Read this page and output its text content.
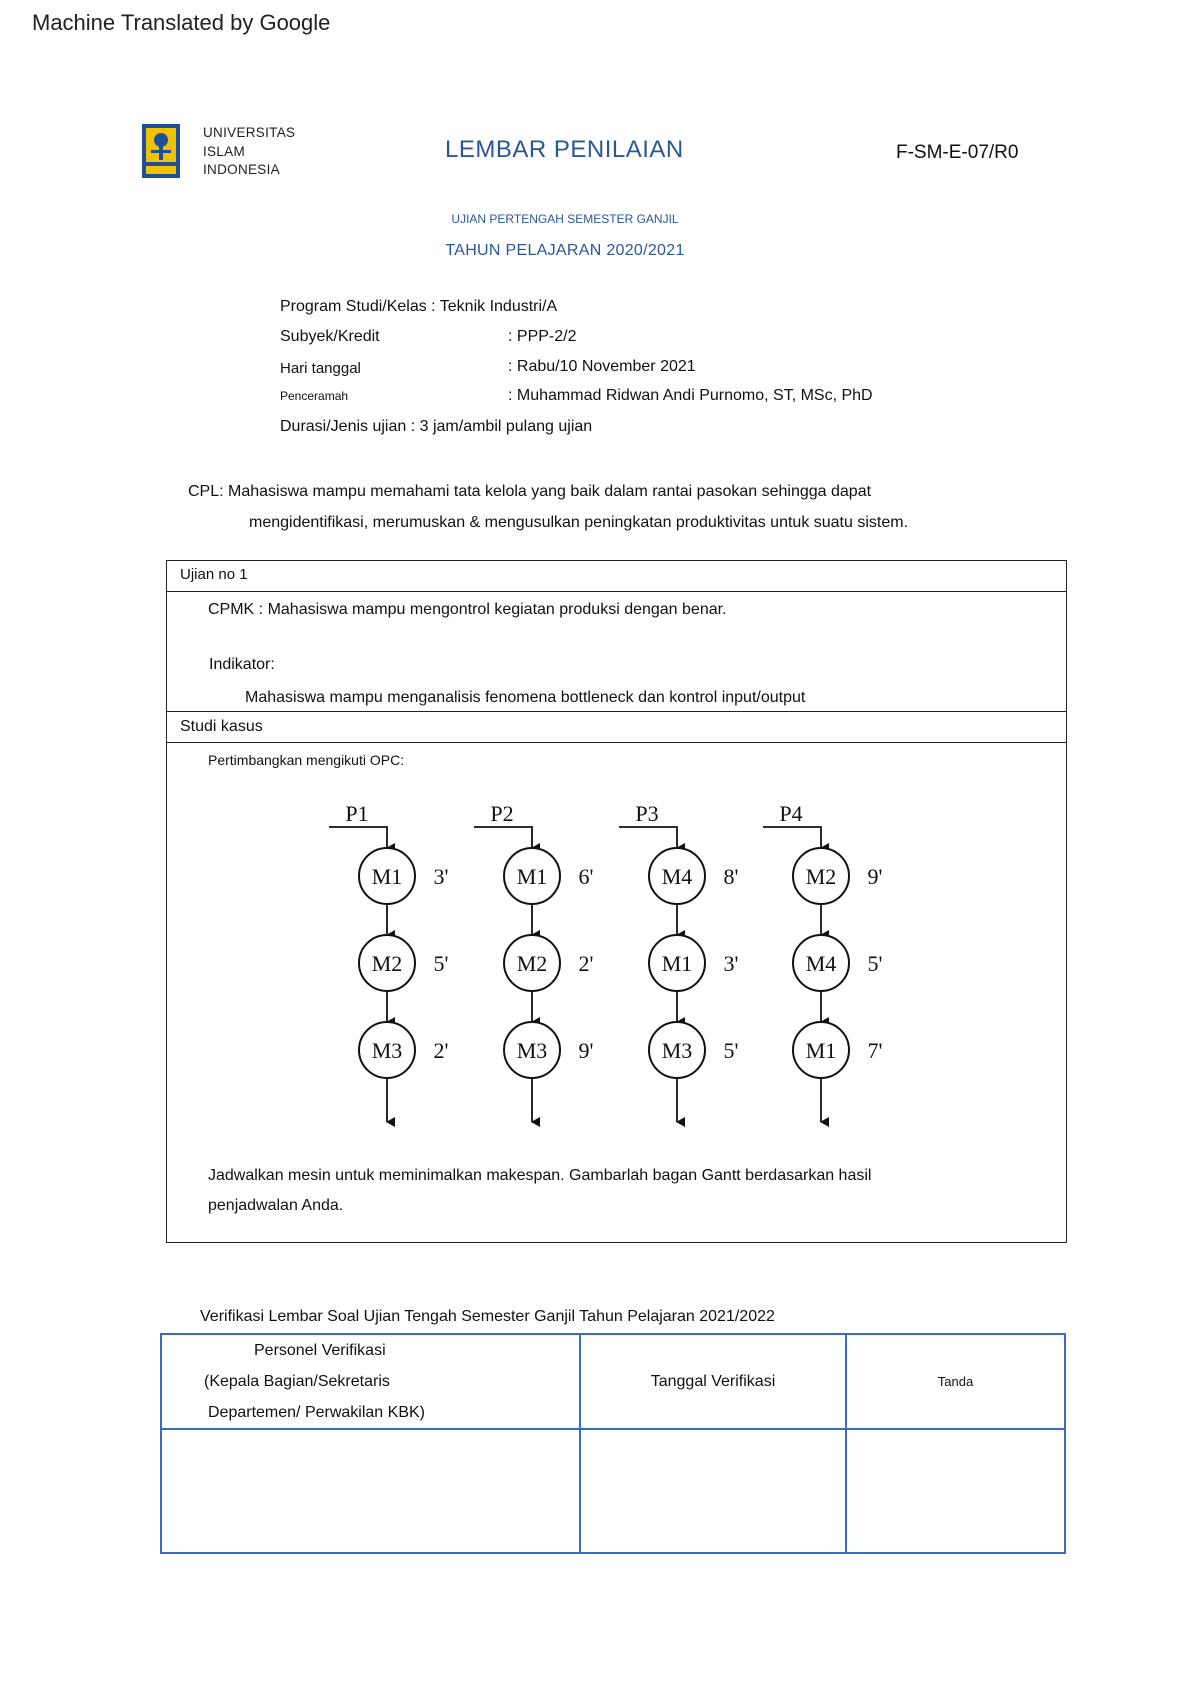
Machine Translated by Google
UNIVERSITAS
ISLAM
INDONESIA
LEMBAR PENILAIAN	F-SM-E-07/R0
UJIAN PERTENGAH SEMESTER GANJIL
TAHUN PELAJARAN 2020/2021
Program Studi/Kelas : Teknik Industri/A
Subyek/Kredit	: PPP-2/2
Hari tanggal	: Rabu/10 November 2021
Penceramah	: Muhammad Ridwan Andi Purnomo, ST, MSc, PhD
Durasi/Jenis ujian : 3 jam/ambil pulang ujian
CPL: Mahasiswa mampu memahami tata kelola yang baik dalam rantai pasokan sehingga dapat
mengidentifikasi, merumuskan & mengusulkan peningkatan produktivitas untuk suatu sistem.
Ujian no 1
CPMK : Mahasiswa mampu mengontrol kegiatan produksi dengan benar.
Indikator:
Mahasiswa mampu menganalisis fenomena bottleneck dan kontrol input/output
Studi kasus
Pertimbangkan mengikuti OPC:
P1
M1 3'
M2 5'
M3 2'
P2
M1 6'
M2 2'
M3 9'
P3
M4 8'
M1 3'
M3 5'
P4
M2 9'
M4 5'
M1 7'
Jadwalkan mesin untuk meminimalkan makespan. Gambarlah bagan Gantt berdasarkan hasil
penjadwalan Anda.
Verifikasi Lembar Soal Ujian Tengah Semester Ganjil Tahun Pelajaran 2021/2022
Personel Verifikasi
(Kepala Bagian/Sekretaris
Departemen/ Perwakilan KBK)	Tanggal Verifikasi	Tanda
